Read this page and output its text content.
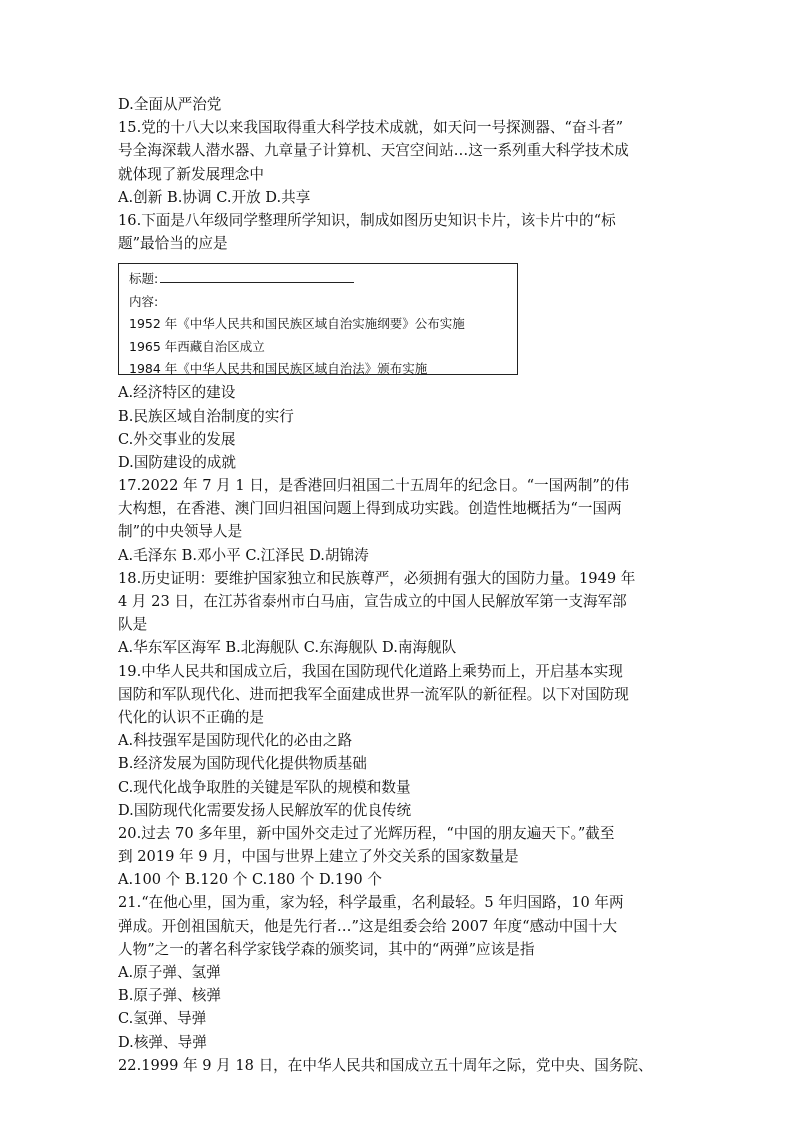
D.全面从严治党
15.党的十八大以来我国取得重大科学技术成就，如天问一号探测器、“奋斗者”
号全海深载人潜水器、九章量子计算机、天宫空间站…这一系列重大科学技术成
就体现了新发展理念中
A.创新 B.协调 C.开放 D.共享
16.下面是八年级同学整理所学知识，制成如图历史知识卡片，该卡片中的“标
题”最恰当的应是
标题:
内容:
1952 年《中华人民共和国民族区域自治实施纲要》公布实施
1965 年西藏自治区成立
1984 年《中华人民共和国民族区域自治法》颁布实施
A.经济特区的建设
B.民族区域自治制度的实行
C.外交事业的发展
D.国防建设的成就
17.2022 年 7 月 1 日，是香港回归祖国二十五周年的纪念日。“一国两制”的伟
大构想，在香港、澳门回归祖国问题上得到成功实践。创造性地概括为“一国两
制”的中央领导人是
A.毛泽东 B.邓小平 C.江泽民 D.胡锦涛
18.历史证明：要维护国家独立和民族尊严，必须拥有强大的国防力量。1949 年
4 月 23 日，在江苏省泰州市白马庙，宣告成立的中国人民解放军第一支海军部
队是
A.华东军区海军 B.北海舰队 C.东海舰队 D.南海舰队
19.中华人民共和国成立后，我国在国防现代化道路上乘势而上，开启基本实现
国防和军队现代化、进而把我军全面建成世界一流军队的新征程。以下对国防现
代化的认识不正确的是
A.科技强军是国防现代化的必由之路
B.经济发展为国防现代化提供物质基础
C.现代化战争取胜的关键是军队的规模和数量
D.国防现代化需要发扬人民解放军的优良传统
20.过去 70 多年里，新中国外交走过了光辉历程，“中国的朋友遍天下。”截至
到 2019 年 9 月，中国与世界上建立了外交关系的国家数量是
A.100 个 B.120 个 C.180 个 D.190 个
21.“在他心里，国为重，家为轻，科学最重，名利最轻。5 年归国路，10 年两
弹成。开创祖国航天，他是先行者…”这是组委会给 2007 年度“感动中国十大
人物”之一的著名科学家钱学森的颁奖词，其中的“两弹”应该是指
A.原子弹、氢弹
B.原子弹、核弹
C.氢弹、导弹
D.核弹、导弹
22.1999 年 9 月 18 日，在中华人民共和国成立五十周年之际，党中央、国务院、
